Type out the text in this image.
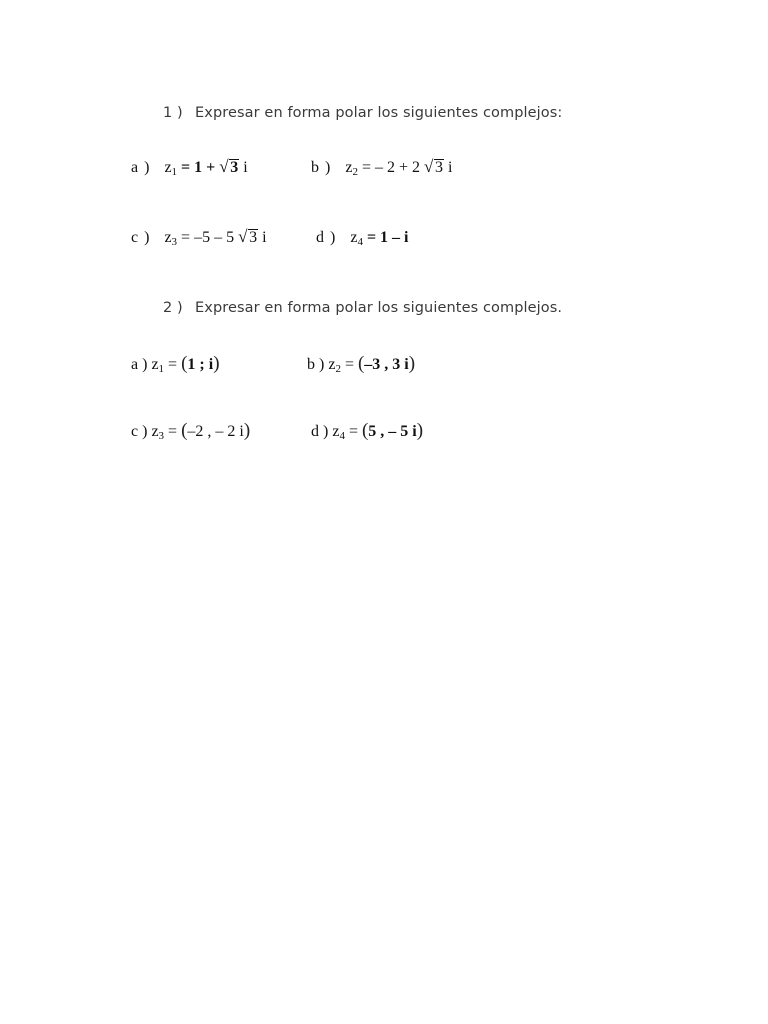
1 ) Expresar en forma polar los siguientes complejos:
a ) $z_1 = 1$ + √ 3 i	b ) $z_2$ = – 2 + 2 √ 3 i
c ) $z_3 = -5 - 5$ √ 3 i	d ) $z_4 = 1 - i$
2 ) Expresar en forma polar los siguientes complejos.
a ) $z_1 = (1$ ; i)	b ) $z_2 = (-3$ , 3 i)
c ) $z_3 = (-2$ , – 2 i)	d ) $z_4 = (5$ , – 5 i)
